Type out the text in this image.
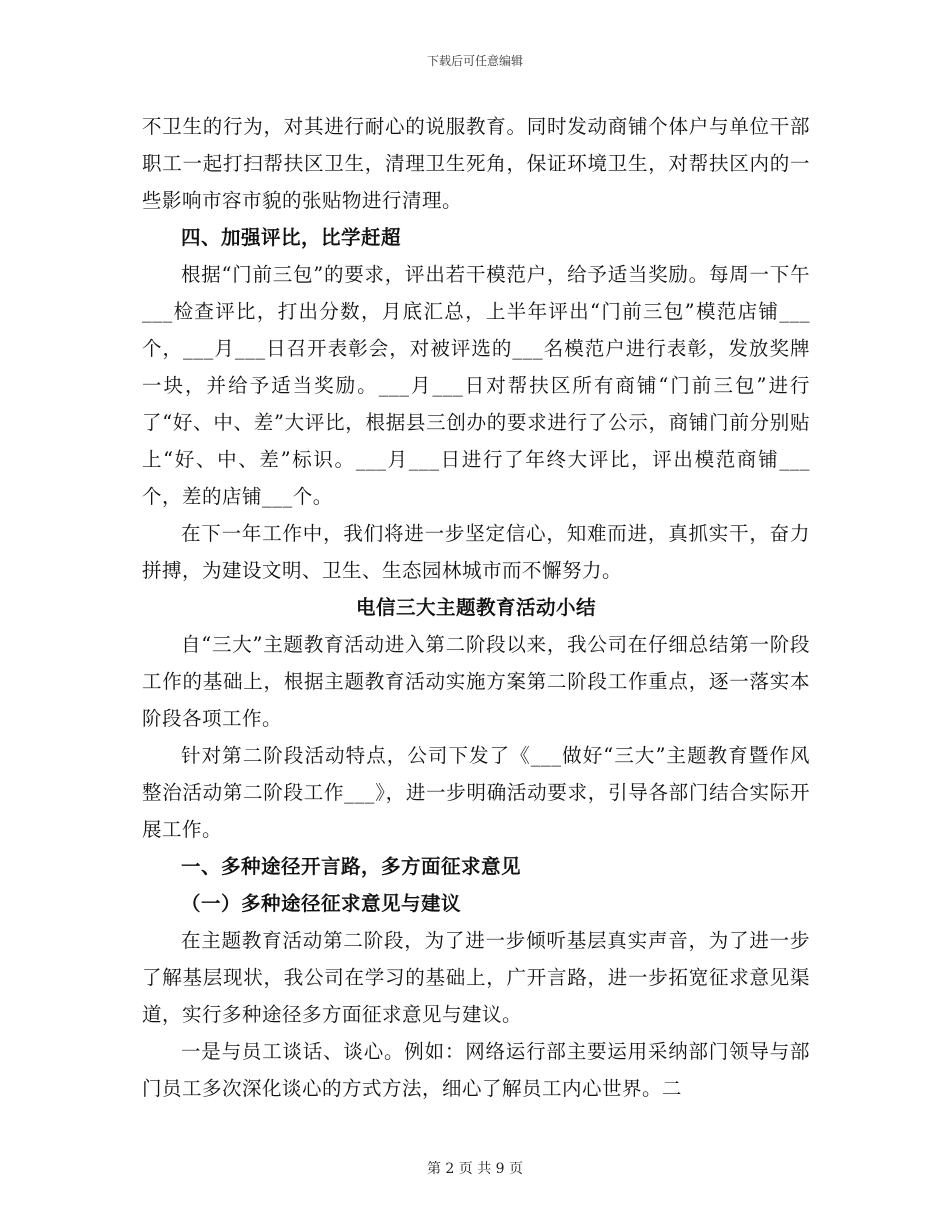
下载后可任意编辑

不卫生的行为，对其进行耐心的说服教育。同时发动商铺个体户与单位干部职工一起打扫帮扶区卫生，清理卫生死角，保证环境卫生，对帮扶区内的一些影响市容市貌的张贴物进行清理。

四、加强评比，比学赶超

根据“门前三包”的要求，评出若干模范户，给予适当奖励。每周一下午___检查评比，打出分数，月底汇总，上半年评出“门前三包”模范店铺___个，___月___日召开表彰会，对被评选的___名模范户进行表彰，发放奖牌一块，并给予适当奖励。___月___日对帮扶区所有商铺“门前三包”进行了“好、中、差”大评比，根据县三创办的要求进行了公示，商铺门前分别贴上“好、中、差”标识。___月___日进行了年终大评比，评出模范商铺___个，差的店铺___个。

在下一年工作中，我们将进一步坚定信心，知难而进，真抓实干，奋力拼搏，为建设文明、卫生、生态园林城市而不懈努力。

电信三大主题教育活动小结

自“三大”主题教育活动进入第二阶段以来，我公司在仔细总结第一阶段工作的基础上，根据主题教育活动实施方案第二阶段工作重点，逐一落实本阶段各项工作。

针对第二阶段活动特点，公司下发了《___做好“三大”主题教育暨作风整治活动第二阶段工作___》，进一步明确活动要求，引导各部门结合实际开展工作。

一、多种途径开言路，多方面征求意见

（一）多种途径征求意见与建议

在主题教育活动第二阶段，为了进一步倾听基层真实声音，为了进一步了解基层现状，我公司在学习的基础上，广开言路，进一步拓宽征求意见渠道，实行多种途径多方面征求意见与建议。

一是与员工谈话、谈心。例如：网络运行部主要运用采纳部门领导与部门员工多次深化谈心的方式方法，细心了解员工内心世界。二

第 2 页 共 9 页
